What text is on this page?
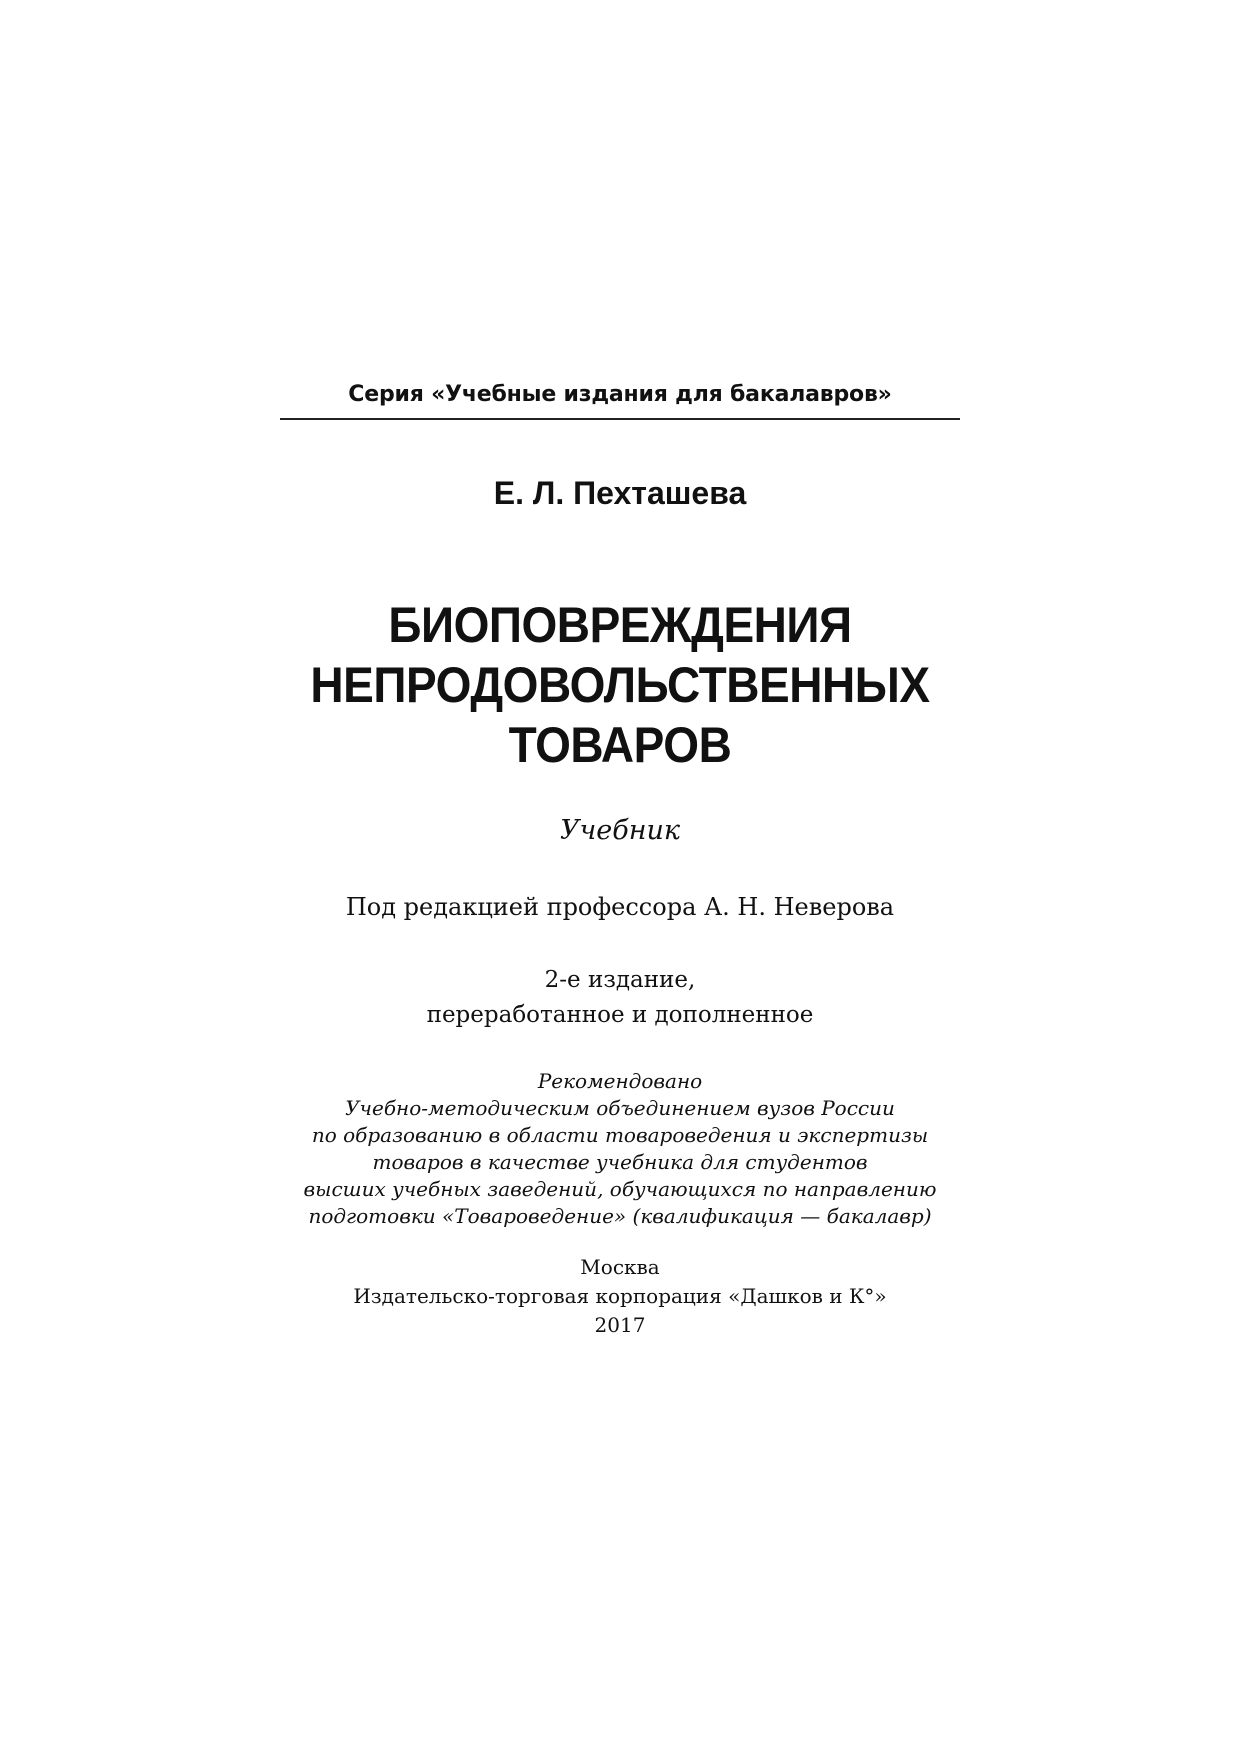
Серия «Учебные издания для бакалавров»
Е. Л. Пехташева
БИОПОВРЕЖДЕНИЯ
НЕПРОДОВОЛЬСТВЕННЫХ
ТОВАРОВ
Учебник
Под редакцией профессора А. Н. Неверова
2-е издание,
переработанное и дополненное
Рекомендовано
Учебно-методическим объединением вузов России
по образованию в области товароведения и экспертизы
товаров в качестве учебника для студентов
высших учебных заведений, обучающихся по направлению
подготовки «Товароведение» (квалификация — бакалавр)
Москва
Издательско-торговая корпорация «Дашков и К°»
2017
